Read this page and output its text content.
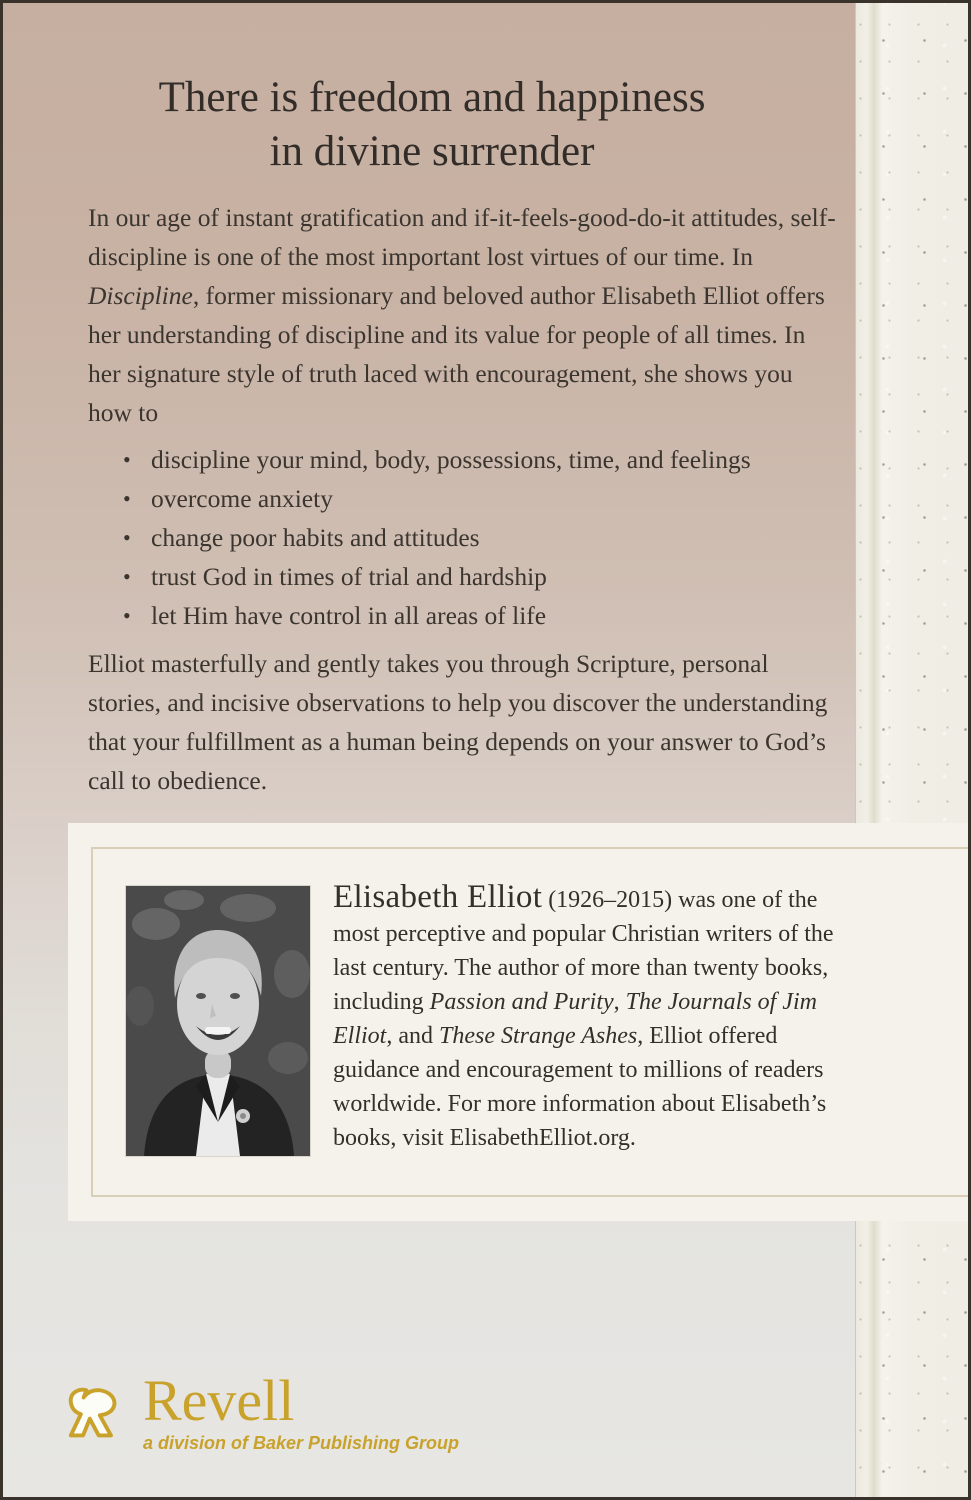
There is freedom and happiness
in divine surrender

In our age of instant gratification and if-it-feels-good-do-it attitudes, self-discipline is one of the most important lost virtues of our time. In Discipline, former missionary and beloved author Elisabeth Elliot offers her understanding of discipline and its value for people of all times. In her signature style of truth laced with encouragement, she shows you how to

• discipline your mind, body, possessions, time, and feelings
• overcome anxiety
• change poor habits and attitudes
• trust God in times of trial and hardship
• let Him have control in all areas of life

Elliot masterfully and gently takes you through Scripture, personal stories, and incisive observations to help you discover the understanding that your fulfillment as a human being depends on your answer to God’s call to obedience.

Elisabeth Elliot (1926–2015) was one of the most perceptive and popular Christian writers of the last century. The author of more than twenty books, including Passion and Purity, The Journals of Jim Elliot, and These Strange Ashes, Elliot offered guidance and encouragement to millions of readers worldwide. For more information about Elisabeth’s books, visit ElisabethElliot.org.

Revell
a division of Baker Publishing Group
